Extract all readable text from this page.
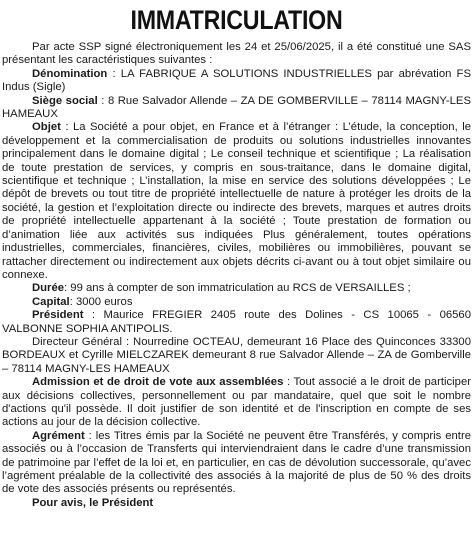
IMMATRICULATION

Par acte SSP signé électroniquement les 24 et 25/06/2025, il a été constitué une SAS présentant les caractéristiques suivantes :

Dénomination : LA FABRIQUE A SOLUTIONS INDUSTRIELLES par abrévation FS Indus (Sigle)

Siège social : 8 Rue Salvador Allende – ZA DE GOMBERVILLE – 78114 MAGNY-LES HAMEAUX

Objet : La Société a pour objet, en France et à l’étranger : L’étude, la conception, le développement et la commercialisation de produits ou solutions industrielles innovantes principalement dans le domaine digital ; Le conseil technique et scientifique ; La réalisation de toute prestation de services, y compris en sous-traitance, dans le domaine digital, scientifique et technique ; L’installation, la mise en service des solutions développées ; Le dépôt de brevets ou tout titre de propriété intellectuelle de nature à protéger les droits de la société, la gestion et l’exploitation directe ou indirecte des brevets, marques et autres droits de propriété intellectuelle appartenant à la société ; Toute prestation de formation ou d’animation liée aux activités sus indiquées Plus généralement, toutes opérations industrielles, commerciales, financières, civiles, mobilières ou immobilières, pouvant se rattacher directement ou indirectement aux objets décrits ci-avant ou à tout objet similaire ou connexe.

Durée: 99 ans à compter de son immatriculation au RCS de VERSAILLES ;

Capital: 3000 euros

Président : Maurice FREGIER 2405 route des Dolines - CS 10065 - 06560 VALBONNE SOPHIA ANTIPOLIS.

Directeur Général : Nourredine OCTEAU, demeurant 16 Place des Quinconces 33300 BORDEAUX et Cyrille MIELCZAREK demeurant 8 rue Salvador Allende – ZA de Gomberville – 78114 MAGNY-LES HAMEAUX

Admission et de droit de vote aux assemblées : Tout associé a le droit de participer aux décisions collectives, personnellement ou par mandataire, quel que soit le nombre d'actions qu'il possède. Il doit justifier de son identité et de l'inscription en compte de ses actions au jour de la décision collective.

Agrément : les Titres émis par la Société ne peuvent être Transférés, y compris entre associés ou à l’occasion de Transferts qui interviendraient dans le cadre d’une transmission de patrimoine par l’effet de la loi et, en particulier, en cas de dévolution successorale, qu’avec l’agrément préalable de la collectivité des associés à la majorité de plus de 50 % des droits de vote des associés présents ou représentés.

Pour avis, le Président
